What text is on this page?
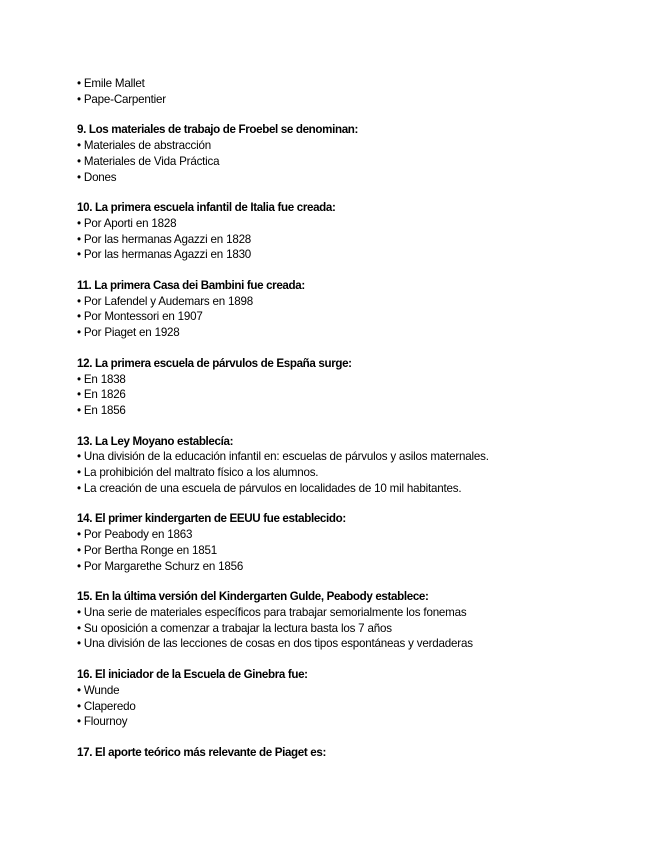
• Emile Mallet

• Pape-Carpentier

9. Los materiales de trabajo de Froebel se denominan:

• Materiales de abstracción

• Materiales de Vida Práctica

• Dones

10. La primera escuela infantil de Italia fue creada:

• Por Aporti en 1828

• Por las hermanas Agazzi en 1828

• Por las hermanas Agazzi en 1830

11. La primera Casa dei Bambini fue creada:

• Por Lafendel y Audemars en 1898

• Por Montessori en 1907

• Por Piaget en 1928

12. La primera escuela de párvulos de España surge:

• En 1838

• En 1826

• En 1856

13. La Ley Moyano establecía:

• Una división de la educación infantil en: escuelas de párvulos y asilos maternales.

• La prohibición del maltrato físico a los alumnos.

• La creación de una escuela de párvulos en localidades de 10 mil habitantes.

14. El primer kindergarten de EEUU fue establecido:

• Por Peabody en 1863

• Por Bertha Ronge en 1851

• Por Margarethe Schurz en 1856

15. En la última versión del Kindergarten Gulde, Peabody establece:

• Una serie de materiales específicos para trabajar semorialmente los fonemas

• Su oposición a comenzar a trabajar la lectura basta los 7 años

• Una división de las lecciones de cosas en dos tipos espontáneas y verdaderas

16. El iniciador de la Escuela de Ginebra fue:

• Wunde

• Claperedo

• Flournoy

17. El aporte teórico más relevante de Piaget es:
